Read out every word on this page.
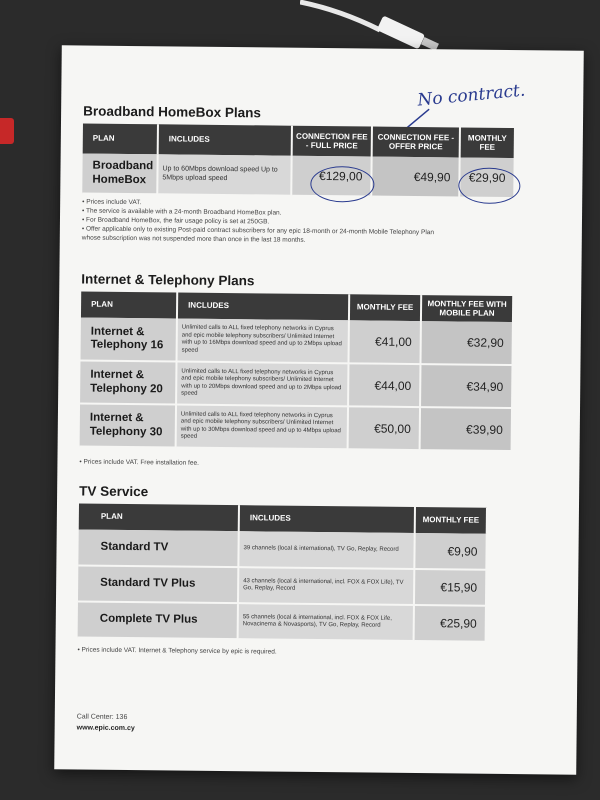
No contract.
Broadband HomeBox Plans
PLAN	INCLUDES	CONNECTION FEE - FULL PRICE	CONNECTION FEE - OFFER PRICE	MONTHLY FEE
Broadband HomeBox	Up to 60Mbps download speed Up to 5Mbps upload speed	€129,00	€49,90	€29,90
• Prices include VAT.
• The service is available with a 24-month Broadband HomeBox plan.
• For Broadband HomeBox, the fair usage policy is set at 250GB.
• Offer applicable only to existing Post-paid contract subscribers for any epic 18-month or 24-month Mobile Telephony Plan
whose subscription was not suspended more than once in the last 18 months.
Internet & Telephony Plans
PLAN	INCLUDES	MONTHLY FEE	MONTHLY FEE WITH MOBILE PLAN
Internet & Telephony 16	Unlimited calls to ALL fixed telephony networks in Cyprus and epic mobile telephony subscribers/ Unlimited Internet with up to 16Mbps download speed and up to 2Mbps upload speed	€41,00	€32,90
Internet & Telephony 20	Unlimited calls to ALL fixed telephony networks in Cyprus and epic mobile telephony subscribers/ Unlimited Internet with up to 20Mbps download speed and up to 2Mbps upload speed	€44,00	€34,90
Internet & Telephony 30	Unlimited calls to ALL fixed telephony networks in Cyprus and epic mobile telephony subscribers/ Unlimited Internet with up to 30Mbps download speed and up to 4Mbps upload speed	€50,00	€39,90
• Prices include VAT. Free installation fee.
TV Service
PLAN	INCLUDES	MONTHLY FEE
Standard TV	39 channels (local & international), TV Go, Replay, Record	€9,90
Standard TV Plus	43 channels (local & international, incl. FOX & FOX Life), TV Go, Replay, Record	€15,90
Complete TV Plus	55 channels (local & international, incl. FOX & FOX Life, Novacinema & Novasports), TV Go, Replay, Record	€25,90
• Prices include VAT. Internet & Telephony service by epic is required.
Call Center: 136
www.epic.com.cy
